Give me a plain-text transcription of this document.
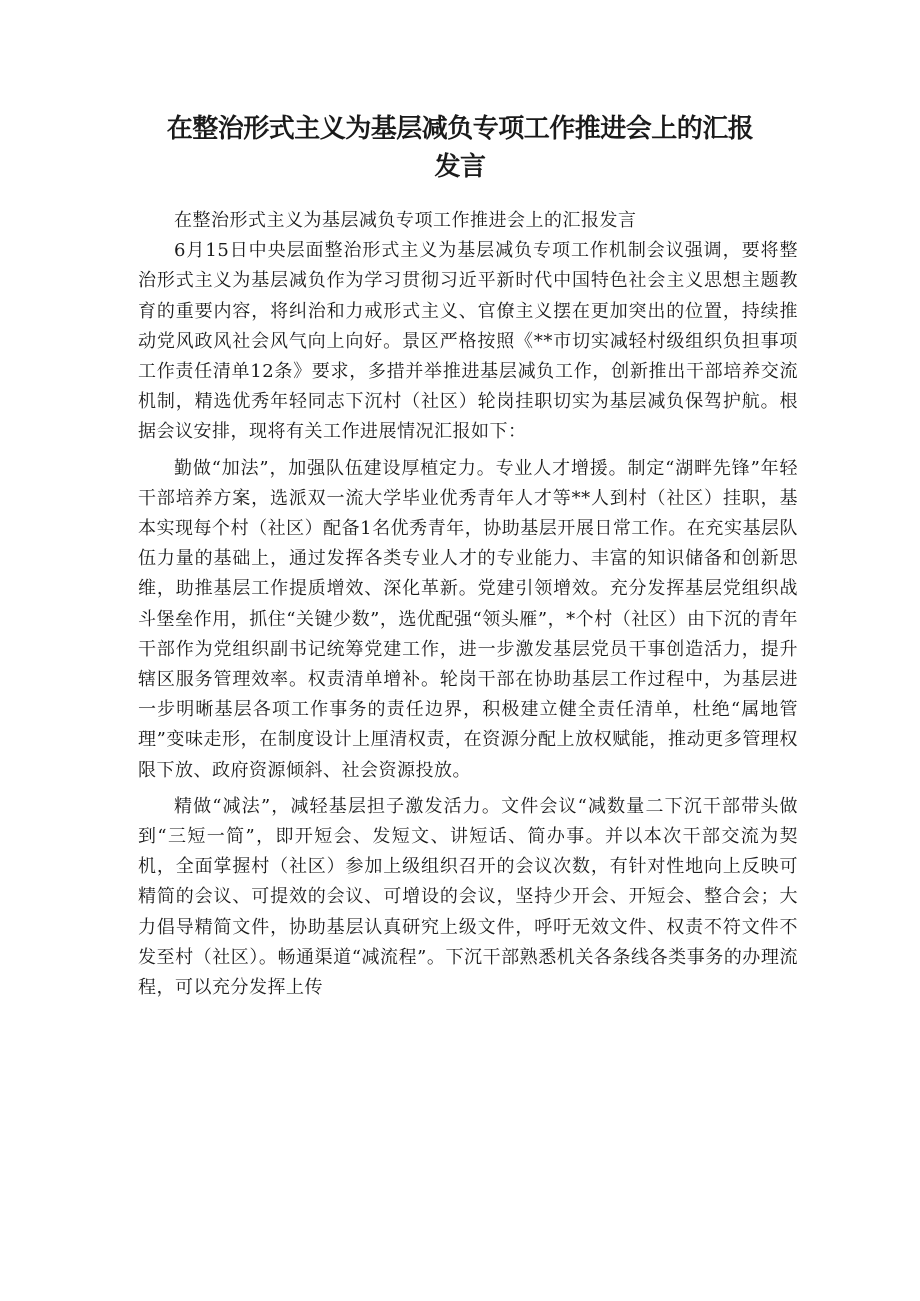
在整治形式主义为基层减负专项工作推进会上的汇报
发言

在整治形式主义为基层减负专项工作推进会上的汇报发言

6月15日中央层面整治形式主义为基层减负专项工作机制会议强调，要将整治形式主义为基层减负作为学习贯彻习近平新时代中国特色社会主义思想主题教育的重要内容，将纠治和力戒形式主义、官僚主义摆在更加突出的位置，持续推动党风政风社会风气向上向好。景区严格按照《**市切实减轻村级组织负担事项工作责任清单12条》要求，多措并举推进基层减负工作，创新推出干部培养交流机制，精选优秀年轻同志下沉村（社区）轮岗挂职切实为基层减负保驾护航。根据会议安排，现将有关工作进展情况汇报如下：

勤做“加法”，加强队伍建设厚植定力。专业人才增援。制定“湖畔先锋”年轻干部培养方案，选派双一流大学毕业优秀青年人才等**人到村（社区）挂职，基本实现每个村（社区）配备1名优秀青年，协助基层开展日常工作。在充实基层队伍力量的基础上，通过发挥各类专业人才的专业能力、丰富的知识储备和创新思维，助推基层工作提质增效、深化革新。党建引领增效。充分发挥基层党组织战斗堡垒作用，抓住“关键少数”，选优配强“领头雁”，*个村（社区）由下沉的青年干部作为党组织副书记统筹党建工作，进一步激发基层党员干事创造活力，提升辖区服务管理效率。权责清单增补。轮岗干部在协助基层工作过程中，为基层进一步明晰基层各项工作事务的责任边界，积极建立健全责任清单，杜绝“属地管理”变味走形，在制度设计上厘清权责，在资源分配上放权赋能，推动更多管理权限下放、政府资源倾斜、社会资源投放。

精做“减法”，减轻基层担子激发活力。文件会议“减数量二下沉干部带头做到“三短一简”，即开短会、发短文、讲短话、简办事。并以本次干部交流为契机，全面掌握村（社区）参加上级组织召开的会议次数，有针对性地向上反映可精简的会议、可提效的会议、可增设的会议，坚持少开会、开短会、整合会；大力倡导精简文件，协助基层认真研究上级文件，呼吁无效文件、权责不符文件不发至村（社区）。畅通渠道“减流程”。下沉干部熟悉机关各条线各类事务的办理流程，可以充分发挥上传
